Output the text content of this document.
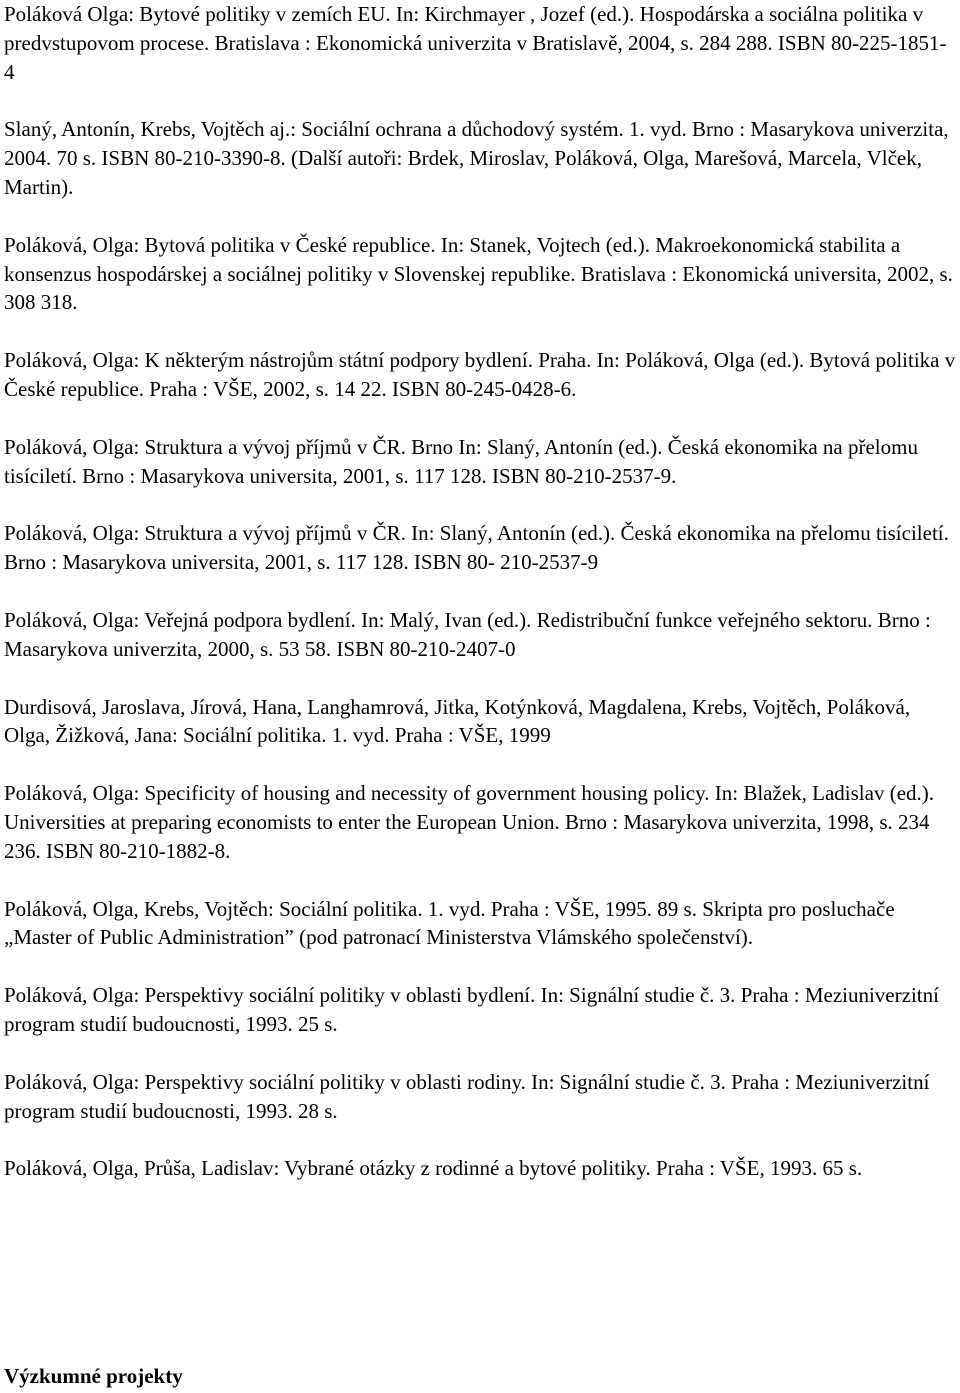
Poláková Olga: Bytové politiky v zemích EU. In: Kirchmayer , Jozef (ed.). Hospodárska a sociálna politika v predvstupovom procese. Bratislava : Ekonomická univerzita v Bratislavě, 2004, s. 284 288. ISBN 80-225-1851-4

Slaný, Antonín, Krebs, Vojtěch aj.: Sociální ochrana a důchodový systém. 1. vyd. Brno : Masarykova univerzita, 2004. 70 s. ISBN 80-210-3390-8. (Další autoři: Brdek, Miroslav, Poláková, Olga, Marešová, Marcela, Vlček, Martin).

Poláková, Olga: Bytová politika v České republice. In: Stanek, Vojtech (ed.). Makroekonomická stabilita a konsenzus hospodárskej a sociálnej politiky v Slovenskej republike. Bratislava : Ekonomická universita, 2002, s. 308 318.

Poláková, Olga: K některým nástrojům státní podpory bydlení. Praha. In: Poláková, Olga (ed.). Bytová politika v České republice. Praha : VŠE, 2002, s. 14 22. ISBN 80-245-0428-6.

Poláková, Olga: Struktura a vývoj příjmů v ČR. Brno In: Slaný, Antonín (ed.). Česká ekonomika na přelomu tisíciletí. Brno : Masarykova universita, 2001, s. 117 128. ISBN 80-210-2537-9.

Poláková, Olga: Struktura a vývoj příjmů v ČR. In: Slaný, Antonín (ed.). Česká ekonomika na přelomu tisíciletí. Brno : Masarykova universita, 2001, s. 117 128. ISBN 80- 210-2537-9

Poláková, Olga: Veřejná podpora bydlení. In: Malý, Ivan (ed.). Redistribuční funkce veřejného sektoru. Brno : Masarykova univerzita, 2000, s. 53 58. ISBN 80-210-2407-0

Durdisová, Jaroslava, Jírová, Hana, Langhamrová, Jitka, Kotýnková, Magdalena, Krebs, Vojtěch, Poláková, Olga, Žižková, Jana: Sociální politika. 1. vyd. Praha : VŠE, 1999

Poláková, Olga: Specificity of housing and necessity of government housing policy. In: Blažek, Ladislav (ed.). Universities at preparing economists to enter the European Union. Brno : Masarykova univerzita, 1998, s. 234 236. ISBN 80-210-1882-8.

Poláková, Olga, Krebs, Vojtěch: Sociální politika. 1. vyd. Praha : VŠE, 1995. 89 s. Skripta pro posluchače „Master of Public Administration” (pod patronací Ministerstva Vlámského společenství).

Poláková, Olga: Perspektivy sociální politiky v oblasti bydlení. In: Signální studie č. 3. Praha : Meziuniverzitní program studií budoucnosti, 1993. 25 s.

Poláková, Olga: Perspektivy sociální politiky v oblasti rodiny. In: Signální studie č. 3. Praha : Meziuniverzitní program studií budoucnosti, 1993. 28 s.

Poláková, Olga, Průša, Ladislav: Vybrané otázky z rodinné a bytové politiky. Praha : VŠE, 1993. 65 s.

Výzkumné projekty
